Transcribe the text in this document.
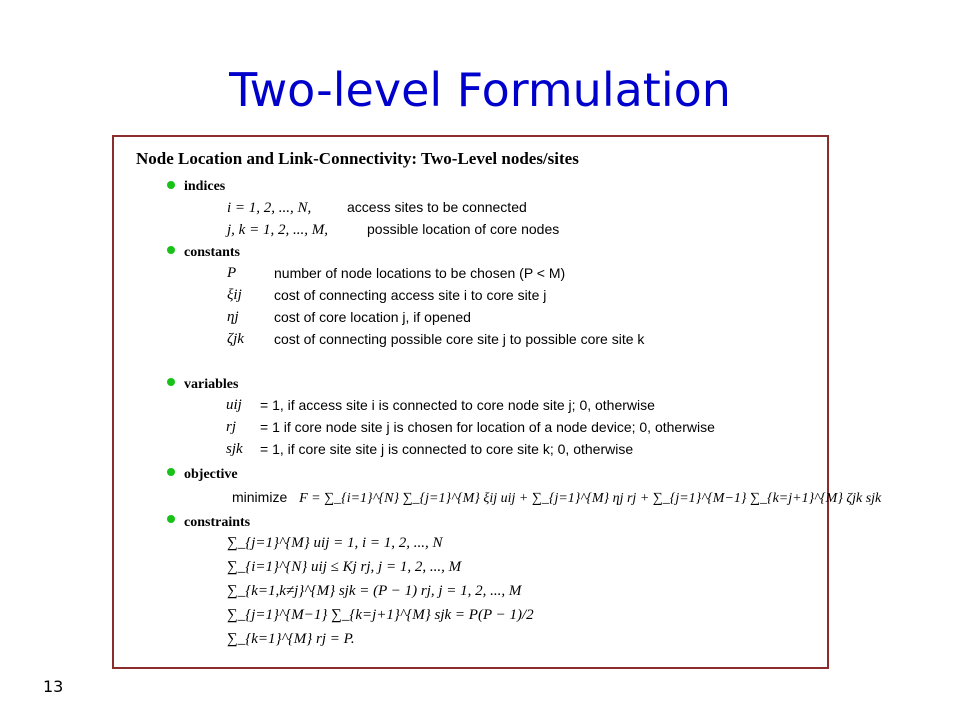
Two-level Formulation
Node Location and Link-Connectivity: Two-Level nodes/sites
indices
i = 1, 2, ..., N,	access sites to be connected
j, k = 1, 2, ..., M,	possible location of core nodes
constants
P	number of node locations to be chosen (P < M)
ξij cost of connecting access site i to core site j
ηj	cost of core location j, if opened
ζjk cost of connecting possible core site j to possible core site k
variables
uij = 1, if access site i is connected to core node site j; 0, otherwise
rj = 1 if core node site j is chosen for location of a node device; 0, otherwise
sjk = 1, if core site site j is connected to core site k; 0, otherwise
objective
minimize F = ∑_{i=1}^{N} ∑_{j=1}^{M} ξij uij + ∑_{j=1}^{M} ηj rj + ∑_{j=1}^{M−1} ∑_{k=j+1}^{M} ζjk sjk
constraints
∑_{j=1}^{M} uij = 1, i = 1, 2, ..., N
∑_{i=1}^{N} uij ≤ Kj rj, j = 1, 2, ..., M
∑_{k=1,k≠j}^{M} sjk = (P − 1) rj, j = 1, 2, ..., M
∑_{j=1}^{M−1} ∑_{k=j+1}^{M} sjk = P(P − 1)/2
∑_{k=1}^{M} rj = P.
13
